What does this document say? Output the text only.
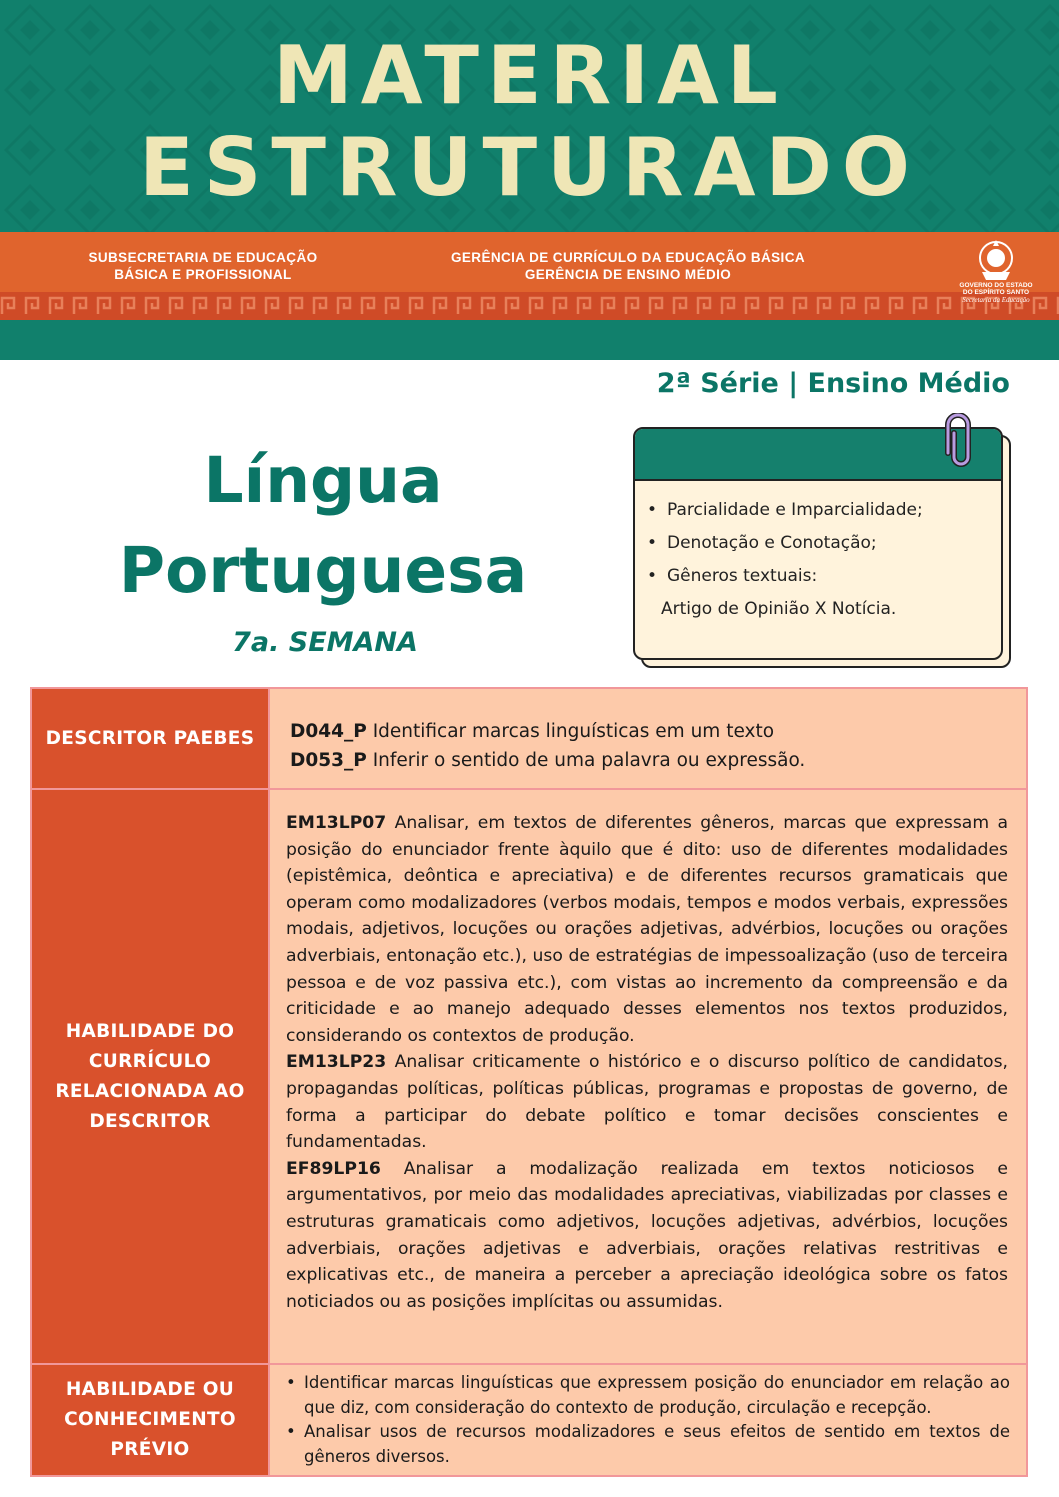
MATERIAL
ESTRUTURADO
SUBSECRETARIA DE EDUCAÇÃO BÁSICA E PROFISSIONAL
GERÊNCIA DE CURRÍCULO DA EDUCAÇÃO BÁSICA GERÊNCIA DE ENSINO MÉDIO
GOVERNO DO ESTADO DO ESPÍRITO SANTO
Secretaria da Educação
2ª Série | Ensino Médio
Língua Portuguesa
7a. SEMANA
• Parcialidade e Imparcialidade;
• Denotação e Conotação;
• Gêneros textuais:
Artigo de Opinião X Notícia.
DESCRITOR PAEBES	D044_P Identificar marcas linguísticas em um texto
D053_P Inferir o sentido de uma palavra ou expressão.
HABILIDADE DO CURRÍCULO RELACIONADA AO DESCRITOR

EM13LP07 Analisar, em textos de diferentes gêneros, marcas que expressam a posição do enunciador frente àquilo que é dito: uso de diferentes modalidades (epistêmica, deôntica e apreciativa) e de diferentes recursos gramaticais que operam como modalizadores (verbos modais, tempos e modos verbais, expressões modais, adjetivos, locuções ou orações adjetivas, advérbios, locuções ou orações adverbiais, entonação etc.), uso de estratégias de impessoalização (uso de terceira pessoa e de voz passiva etc.), com vistas ao incremento da compreensão e da criticidade e ao manejo adequado desses elementos nos textos produzidos, considerando os contextos de produção.

EM13LP23 Analisar criticamente o histórico e o discurso político de candidatos, propagandas políticas, políticas públicas, programas e propostas de governo, de forma a participar do debate político e tomar decisões conscientes e fundamentadas.

EF89LP16 Analisar a modalização realizada em textos noticiosos e argumentativos, por meio das modalidades apreciativas, viabilizadas por classes e estruturas gramaticais como adjetivos, locuções adjetivas, advérbios, locuções adverbiais, orações adjetivas e adverbiais, orações relativas restritivas e explicativas etc., de maneira a perceber a apreciação ideológica sobre os fatos noticiados ou as posições implícitas ou assumidas.

HABILIDADE OU CONHECIMENTO PRÉVIO
• Identificar marcas linguísticas que expressem posição do enunciador em relação ao que diz, com consideração do contexto de produção, circulação e recepção.
• Analisar usos de recursos modalizadores e seus efeitos de sentido em textos de gêneros diversos.
